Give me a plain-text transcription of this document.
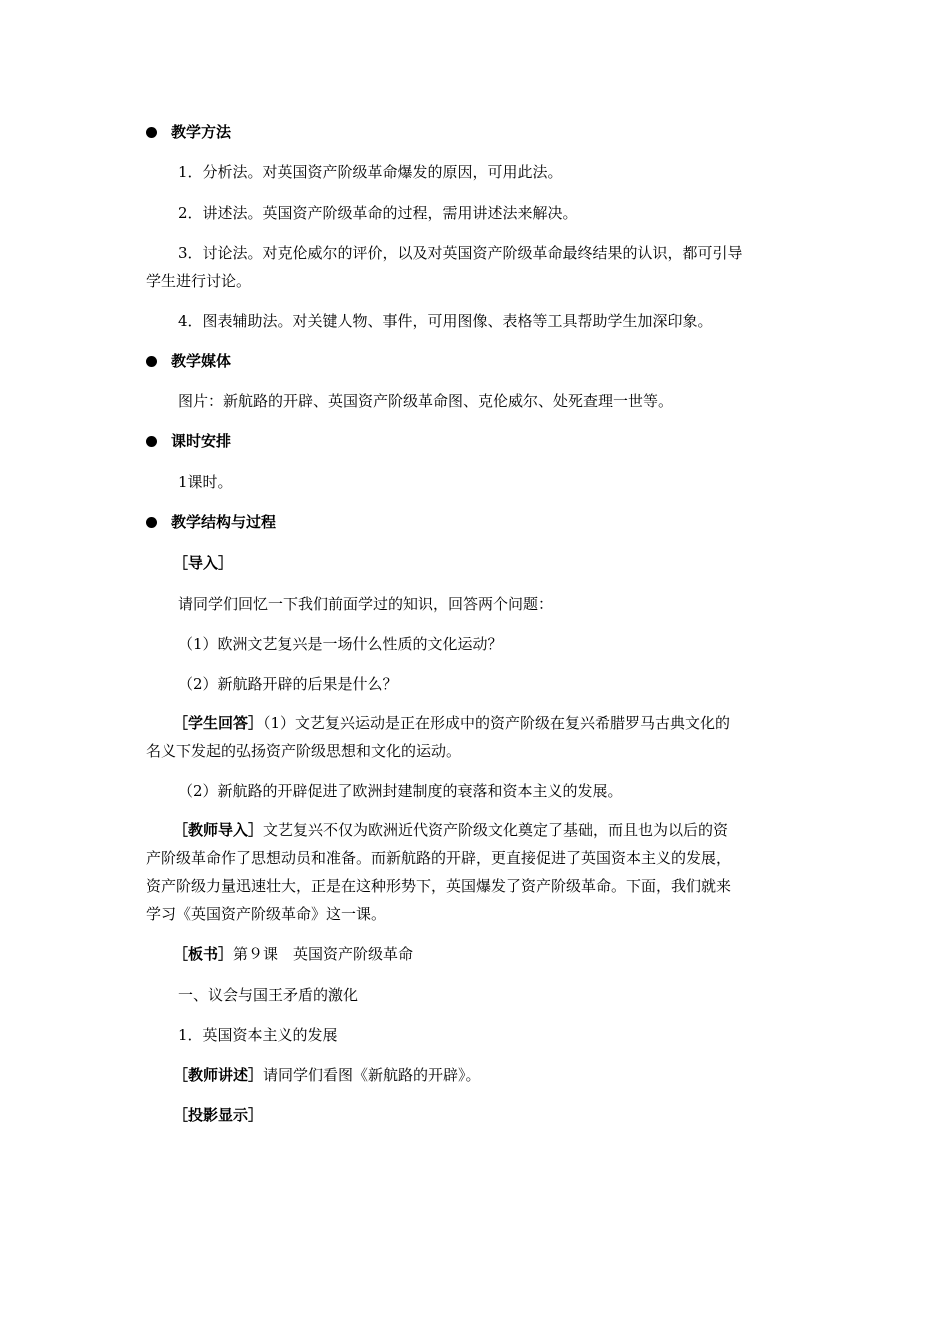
教学方法
1．分析法。对英国资产阶级革命爆发的原因，可用此法。
2．讲述法。英国资产阶级革命的过程，需用讲述法来解决。
3．讨论法。对克伦威尔的评价，以及对英国资产阶级革命最终结果的认识，都可引导
学生进行讨论。
4．图表辅助法。对关键人物、事件，可用图像、表格等工具帮助学生加深印象。
教学媒体
图片：新航路的开辟、英国资产阶级革命图、克伦威尔、处死查理一世等。
课时安排
1课时。
教学结构与过程
［导入］
请同学们回忆一下我们前面学过的知识，回答两个问题：
（1）欧洲文艺复兴是一场什么性质的文化运动？
（2）新航路开辟的后果是什么？
［学生回答］（1）文艺复兴运动是正在形成中的资产阶级在复兴希腊罗马古典文化的
名义下发起的弘扬资产阶级思想和文化的运动。
（2）新航路的开辟促进了欧洲封建制度的衰落和资本主义的发展。
［教师导入］文艺复兴不仅为欧洲近代资产阶级文化奠定了基础，而且也为以后的资
产阶级革命作了思想动员和准备。而新航路的开辟，更直接促进了英国资本主义的发展，
资产阶级力量迅速壮大，正是在这种形势下，英国爆发了资产阶级革命。下面，我们就来
学习《英国资产阶级革命》这一课。
［板书］第９课　英国资产阶级革命
一、议会与国王矛盾的激化
1．英国资本主义的发展
［教师讲述］请同学们看图《新航路的开辟》。
［投影显示］
